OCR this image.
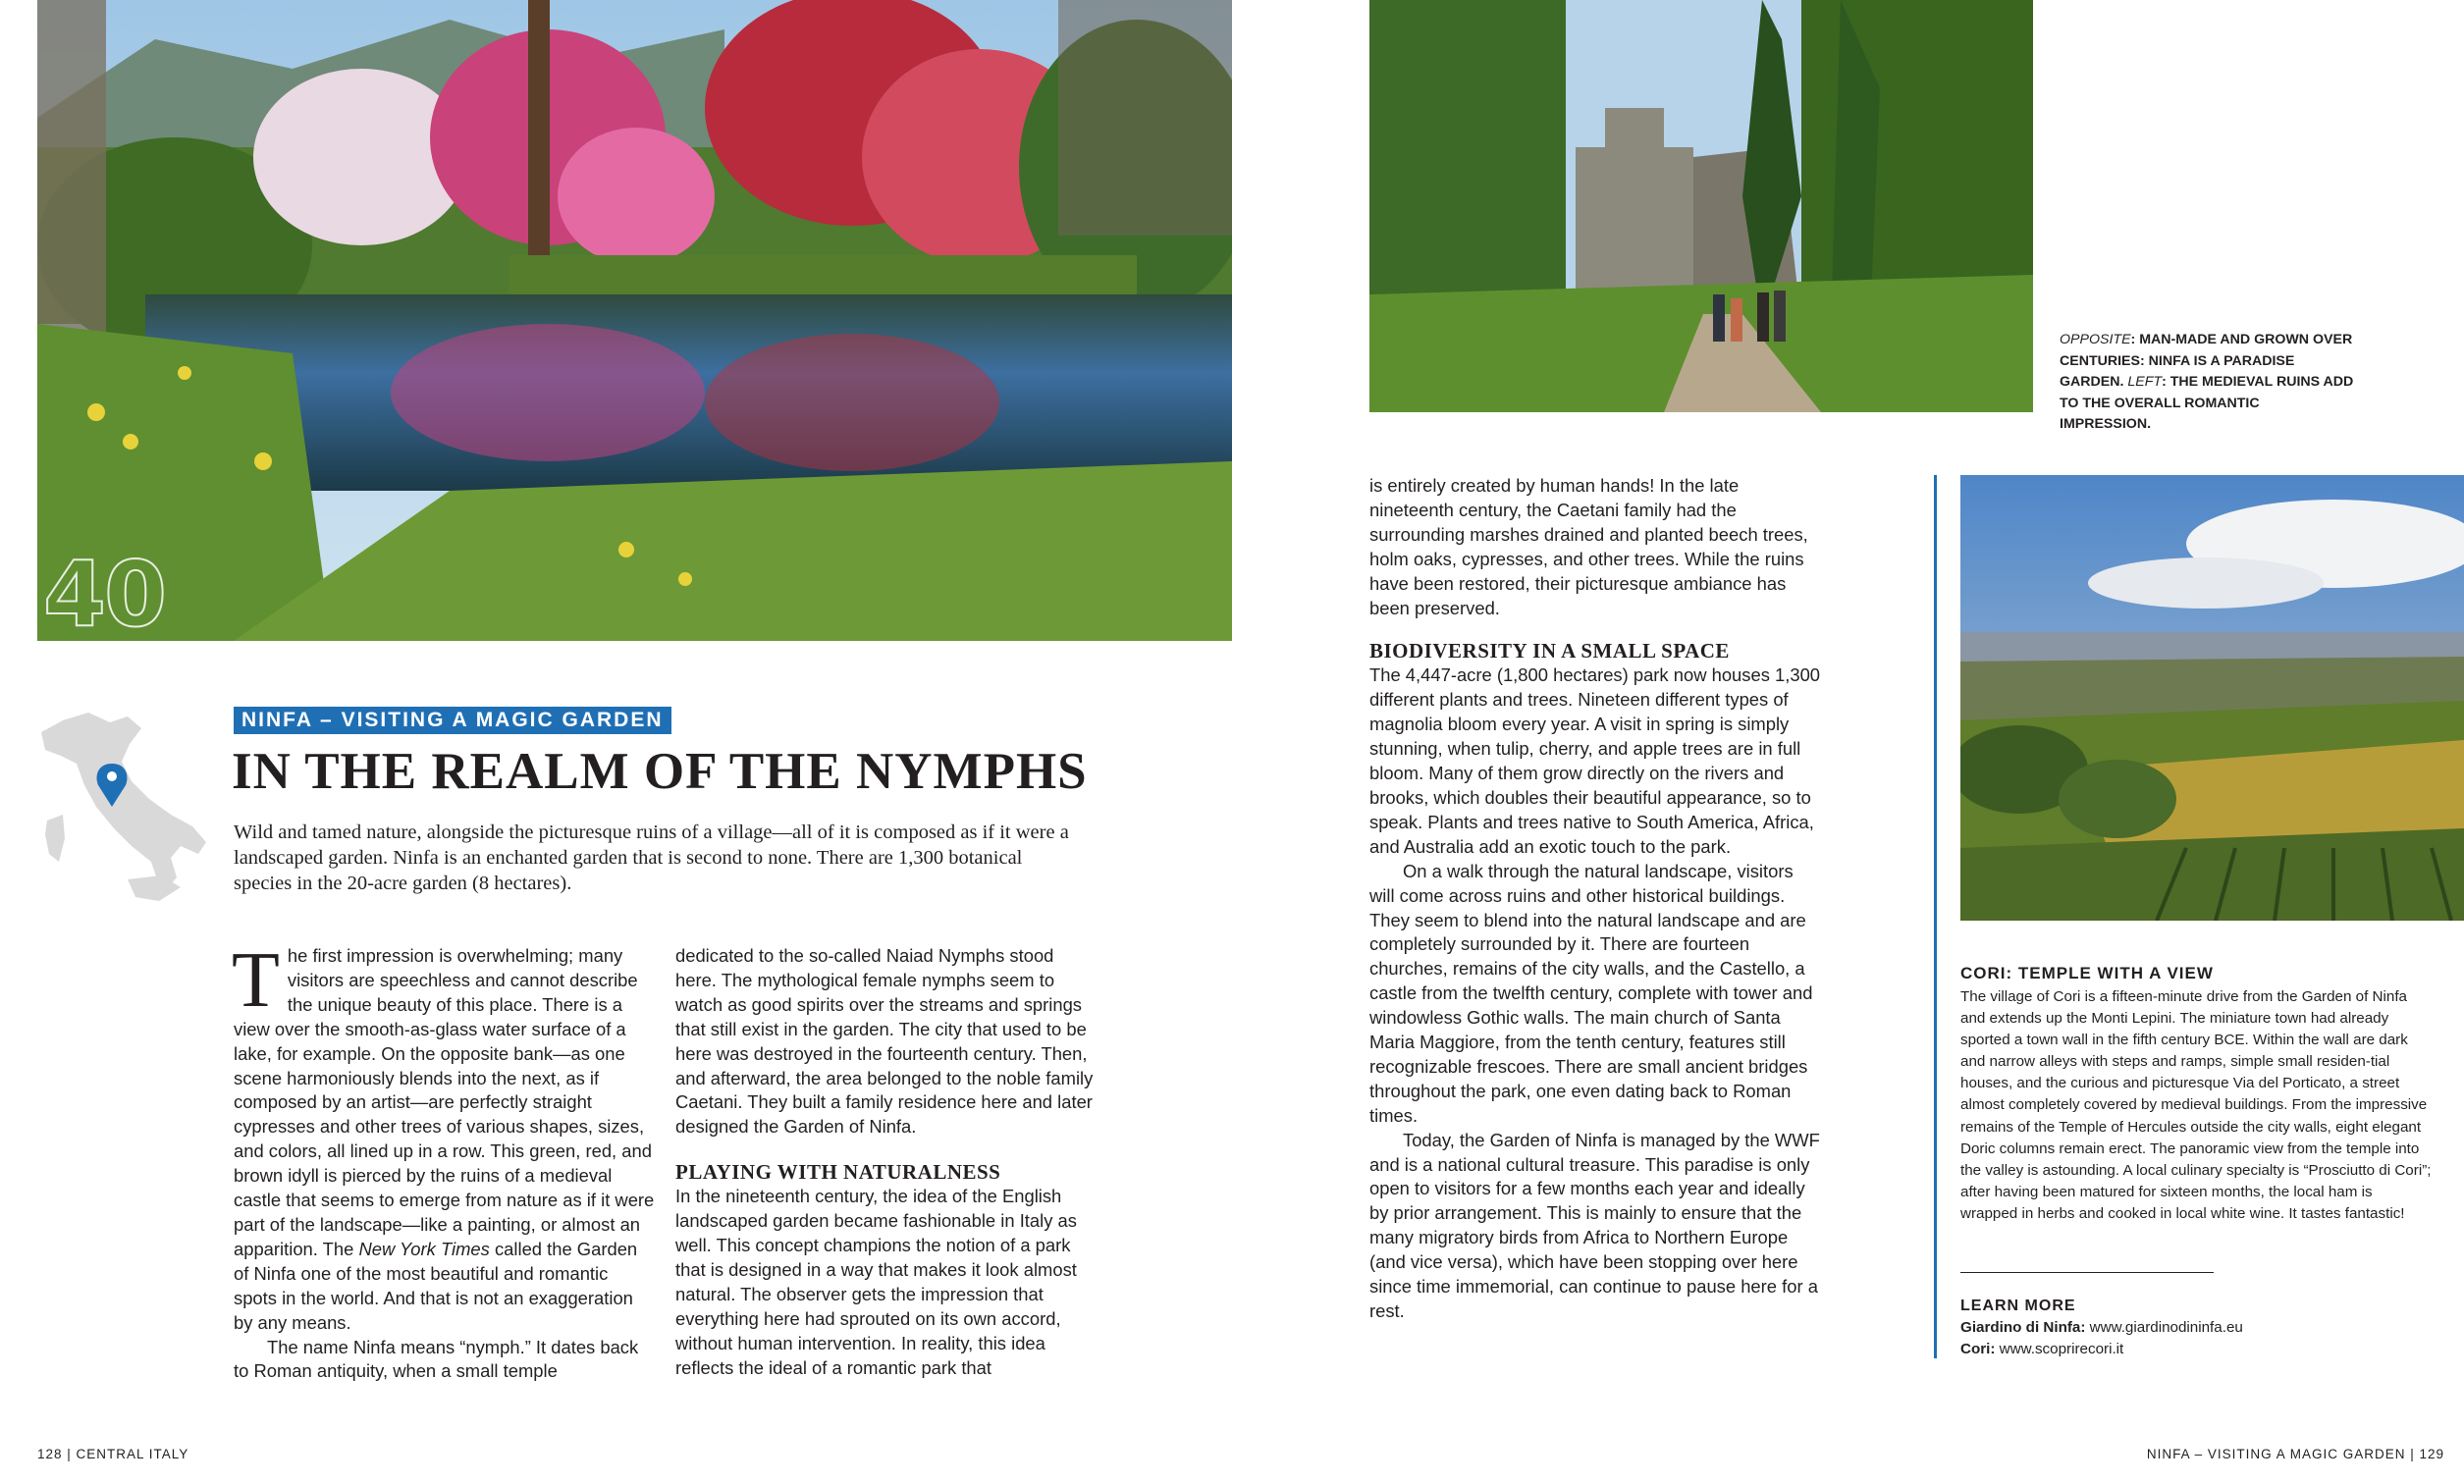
40
OPPOSITE: MAN-MADE AND GROWN OVER CENTURIES: NINFA IS A PARADISE GARDEN. LEFT: THE MEDIEVAL RUINS ADD TO THE OVERALL ROMANTIC IMPRESSION.
NINFA – VISITING A MAGIC GARDEN
IN THE REALM OF THE NYMPHS

Wild and tamed nature, alongside the picturesque ruins of a village—all of it is composed as if it were a landscaped garden. Ninfa is an enchanted garden that is second to none. There are 1,300 botanical species in the 20-acre garden (8 hectares).

The first impression is overwhelming; many visitors are speechless and cannot describe the unique beauty of this place. There is a view over the smooth-as-glass water surface of a lake, for example. On the opposite bank—as one scene harmoniously blends into the next, as if composed by an artist—are perfectly straight cypresses and other trees of various shapes, sizes, and colors, all lined up in a row. This green, red, and brown idyll is pierced by the ruins of a medieval castle that seems to emerge from nature as if it were part of the landscape—like a painting, or almost an apparition. The New York Times called the Garden of Ninfa one of the most beautiful and romantic spots in the world. And that is not an exaggeration by any means.

The name Ninfa means “nymph.” It dates back to Roman antiquity, when a small temple

dedicated to the so-called Naiad Nymphs stood here. The mythological female nymphs seem to watch as good spirits over the streams and springs that still exist in the garden. The city that used to be here was destroyed in the fourteenth century. Then, and afterward, the area belonged to the noble family Caetani. They built a family residence here and later designed the Garden of Ninfa.

PLAYING WITH NATURALNESS

In the nineteenth century, the idea of the English landscaped garden became fashionable in Italy as well. This concept champions the notion of a park that is designed in a way that makes it look almost natural. The observer gets the impression that everything here had sprouted on its own accord, without human intervention. In reality, this idea reflects the ideal of a romantic park that

is entirely created by human hands! In the late nineteenth century, the Caetani family had the surrounding marshes drained and planted beech trees, holm oaks, cypresses, and other trees. While the ruins have been restored, their picturesque ambiance has been preserved.

BIODIVERSITY IN A SMALL SPACE

The 4,447-acre (1,800 hectares) park now houses 1,300 different plants and trees. Nineteen different types of magnolia bloom every year. A visit in spring is simply stunning, when tulip, cherry, and apple trees are in full bloom. Many of them grow directly on the rivers and brooks, which doubles their beautiful appearance, so to speak. Plants and trees native to South America, Africa, and Australia add an exotic touch to the park.

On a walk through the natural landscape, visitors will come across ruins and other historical buildings. They seem to blend into the natural landscape and are completely surrounded by it. There are fourteen churches, remains of the city walls, and the Castello, a castle from the twelfth century, complete with tower and windowless Gothic walls. The main church of Santa Maria Maggiore, from the tenth century, features still recognizable frescoes. There are small ancient bridges throughout the park, one even dating back to Roman times.

Today, the Garden of Ninfa is managed by the WWF and is a national cultural treasure. This paradise is only open to visitors for a few months each year and ideally by prior arrangement. This is mainly to ensure that the many migratory birds from Africa to Northern Europe (and vice versa), which have been stopping over here since time immemorial, can continue to pause here for a rest.

CORI: TEMPLE WITH A VIEW

The village of Cori is a fifteen-minute drive from the Garden of Ninfa and extends up the Monti Lepini. The miniature town had already sported a town wall in the fifth century BCE. Within the wall are dark and narrow alleys with steps and ramps, simple small residen-tial houses, and the curious and picturesque Via del Porticato, a street almost completely covered by medieval buildings. From the impressive remains of the Temple of Hercules outside the city walls, eight elegant Doric columns remain erect. The panoramic view from the temple into the valley is astounding. A local culinary specialty is “Prosciutto di Cori”; after having been matured for sixteen months, the local ham is wrapped in herbs and cooked in local white wine. It tastes fantastic!

LEARN MORE
Giardino di Ninfa: www.giardinodininfa.eu
Cori: www.scoprirecori.it
128 | CENTRAL ITALY	NINFA – VISITING A MAGIC GARDEN | 129
